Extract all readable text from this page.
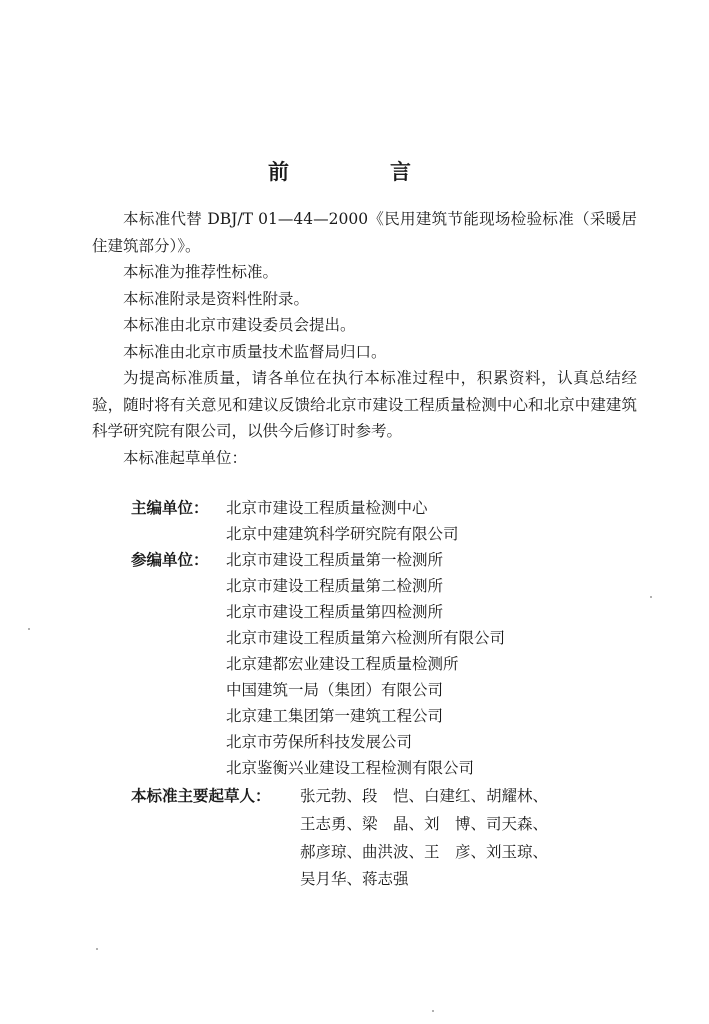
前　言

本标准代替 DBJ/T 01—44—2000《民用建筑节能现场检验标准（采暖居住建筑部分）》。

本标准为推荐性标准。

本标准附录是资料性附录。

本标准由北京市建设委员会提出。

本标准由北京市质量技术监督局归口。

为提高标准质量，请各单位在执行本标准过程中，积累资料，认真总结经验，随时将有关意见和建议反馈给北京市建设工程质量检测中心和北京中建建筑科学研究院有限公司，以供今后修订时参考。

本标准起草单位：

主编单位： 北京市建设工程质量检测中心
北京中建建筑科学研究院有限公司
参编单位： 北京市建设工程质量第一检测所
北京市建设工程质量第二检测所
北京市建设工程质量第四检测所
北京市建设工程质量第六检测所有限公司
北京建都宏业建设工程质量检测所
中国建筑一局（集团）有限公司
北京建工集团第一建筑工程公司
北京市劳保所科技发展公司
北京鉴衡兴业建设工程检测有限公司
本标准主要起草人： 张元勃、段　恺、白建红、胡耀林、
王志勇、梁　晶、刘　博、司天森、
郝彦琼、曲洪波、王　彦、刘玉琼、
吴月华、蒋志强
